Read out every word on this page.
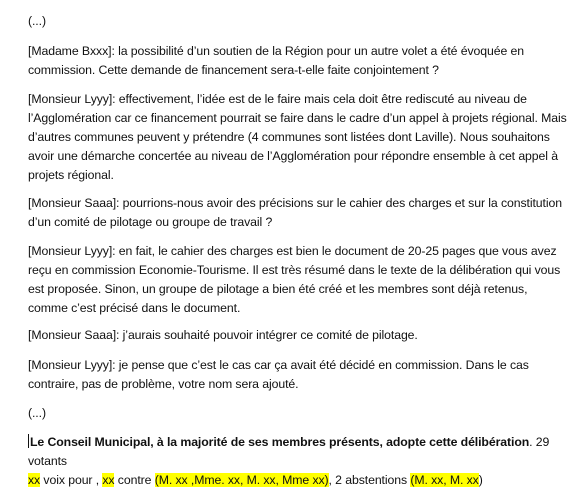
(...)

[Madame Bxxx]: la possibilité d’un soutien de la Région pour un autre volet a été évoquée en commission. Cette demande de financement sera-t-elle faite conjointement ?

[Monsieur Lyyy]: effectivement, l’idée est de le faire mais cela doit être rediscuté au niveau de l’Agglomération car ce financement pourrait se faire dans le cadre d’un appel à projets régional. Mais d’autres communes peuvent y prétendre (4 communes sont listées dont Laville). Nous souhaitons avoir une démarche concertée au niveau de l’Agglomération pour répondre ensemble à cet appel à projets régional.

[Monsieur Saaa]: pourrions-nous avoir des précisions sur le cahier des charges et sur la constitution d’un comité de pilotage ou groupe de travail ?

[Monsieur Lyyy]: en fait, le cahier des charges est bien le document de 20-25 pages que vous avez reçu en commission Economie-Tourisme. Il est très résumé dans le texte de la délibération qui vous est proposée. Sinon, un groupe de pilotage a bien été créé et les membres sont déjà retenus, comme c’est précisé dans le document.

[Monsieur Saaa]: j’aurais souhaité pouvoir intégrer ce comité de pilotage.

[Monsieur Lyyy]: je pense que c’est le cas car ça avait été décidé en commission. Dans le cas contraire, pas de problème, votre nom sera ajouté.

(...)

Le Conseil Municipal, à la majorité de ses membres présents, adopte cette délibération. 29 votants
xx voix pour , xx contre (M. xx ,Mme. xx, M. xx, Mme xx), 2 abstentions (M. xx, M. xx)
